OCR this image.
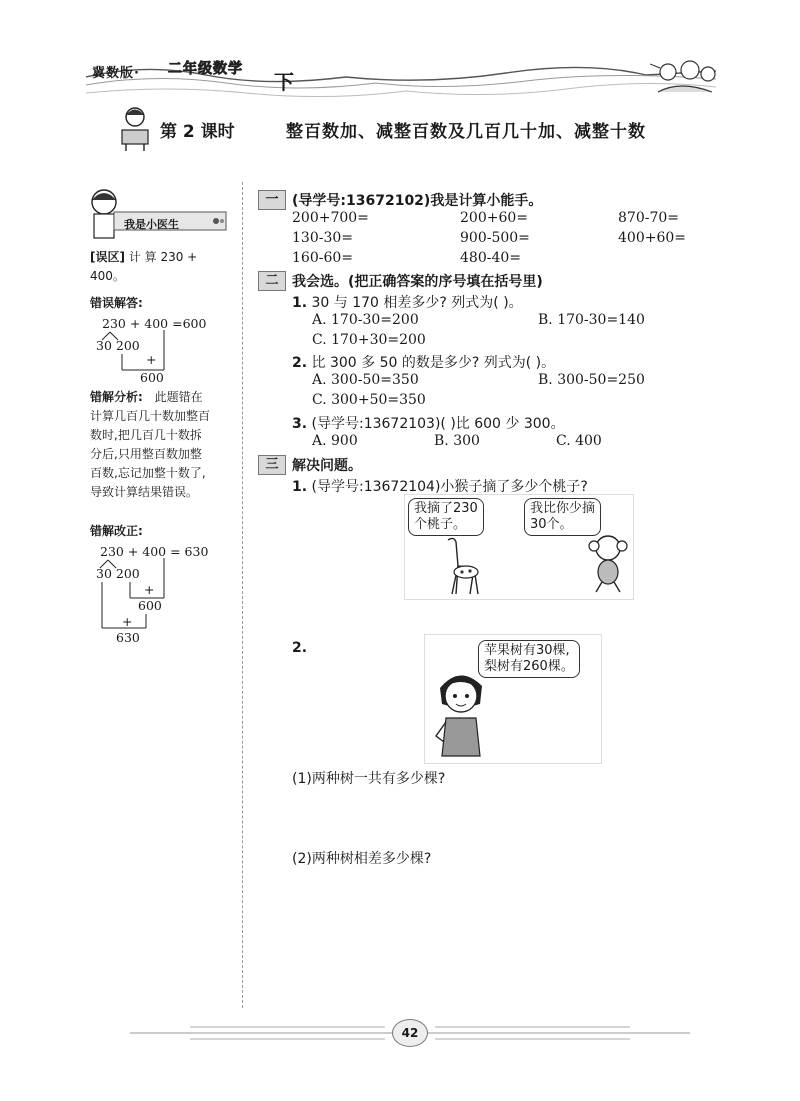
冀数版· 二年级数学
下
第 2 课时	整百数加、减整百数及几百几十加、减整十数
我是小医生
[误区] 计 算 230 +
400。
错误解答:
230 + 400 =600
30 200
+
600
错解分析: 此题错在
计算几百几十数加整百
数时,把几百几十数拆
分后,只用整百数加整
百数,忘记加整十数了,
导致计算结果错误。
错解改正:
230 + 400 = 630
30 200
+
600
+
630
一 (导学号:13672102)我是计算小能手。
200+700=	200+60=	870-70=
130-30=	900-500=	400+60=
160-60=	480-40=
二 我会选。(把正确答案的序号填在括号里)
1. 30 与 170 相差多少? 列式为( )。
A. 170-30=200	B. 170-30=140
C. 170+30=200
2. 比 300 多 50 的数是多少? 列式为( )。
A. 300-50=350	B. 300-50=250
C. 300+50=350
3. (导学号:13672103)( )比 600 少 300。
A. 900	B. 300	C. 400
三 解决问题。
1. (导学号:13672104)小猴子摘了多少个桃子?
我摘了230
个桃子。
我比你少摘
30个。
2.	苹果树有30棵,
梨树有260棵。
(1)两种树一共有多少棵?
(2)两种树相差多少棵?
42
